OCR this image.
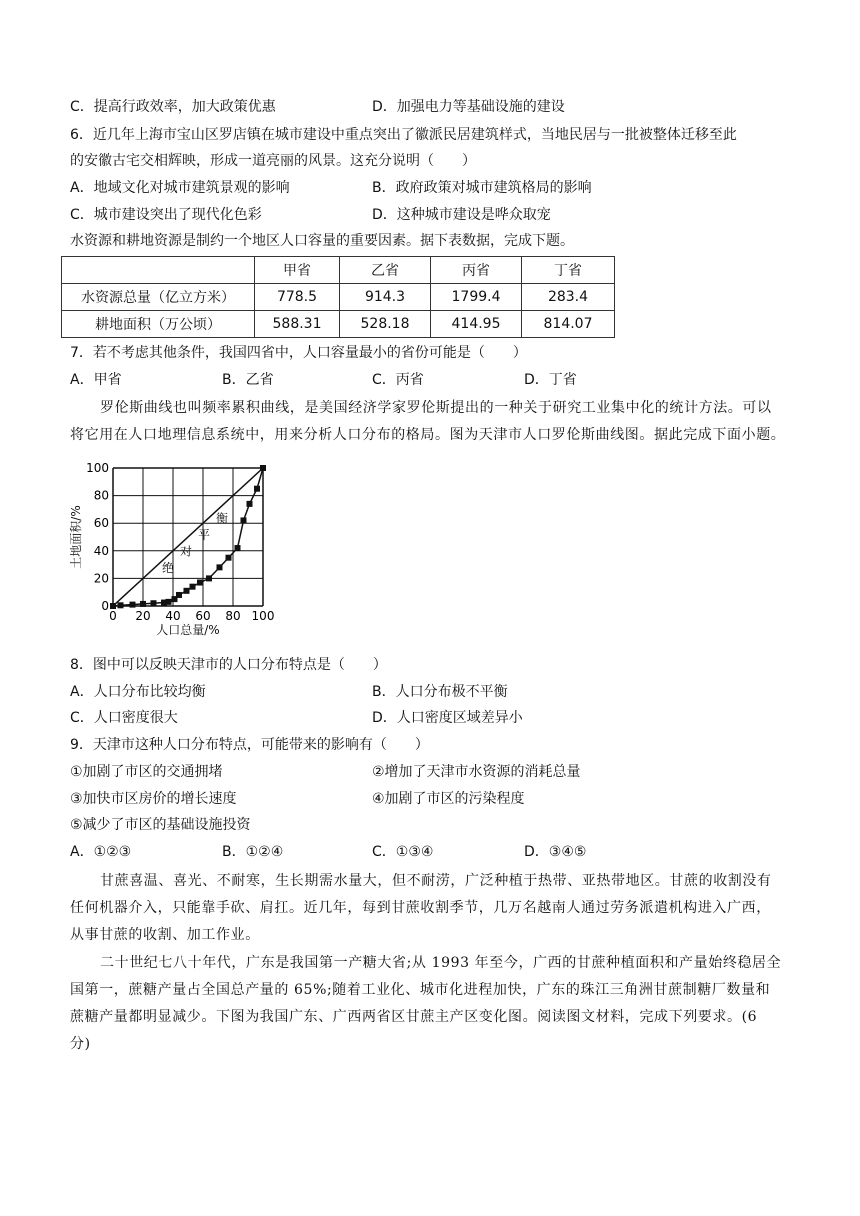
C．提高行政效率，加大政策优惠	D．加强电力等基础设施的建设
6．近几年上海市宝山区罗店镇在城市建设中重点突出了徽派民居建筑样式，当地民居与一批被整体迁移至此
的安徽古宅交相辉映，形成一道亮丽的风景。这充分说明（　　）
A．地域文化对城市建筑景观的影响	B．政府政策对城市建筑格局的影响
C．城市建设突出了现代化色彩	D．这种城市建设是哗众取宠
水资源和耕地资源是制约一个地区人口容量的重要因素。据下表数据，完成下题。
	甲省	乙省	丙省	丁省
水资源总量（亿立方米）	778.5	914.3	1799.4	283.4
耕地面积（万公顷）	588.31	528.18	414.95	814.07
7．若不考虑其他条件，我国四省中，人口容量最小的省份可能是（　　）
A．甲省	B．乙省	C．丙省	D．丁省
罗伦斯曲线也叫频率累积曲线，是美国经济学家罗伦斯提出的一种关于研究工业集中化的统计方法。可以
将它用在人口地理信息系统中，用来分析人口分布的格局。图为天津市人口罗伦斯曲线图。据此完成下面小题。
0 20 40 60 80 100
0
20
40
60
80
100
绝对平衡
土地面积/%
人口总量/%
8．图中可以反映天津市的人口分布特点是（　　）
A．人口分布比较均衡	B．人口分布极不平衡
C．人口密度很大	D．人口密度区域差异小
9．天津市这种人口分布特点，可能带来的影响有（　　）
①加剧了市区的交通拥堵	②增加了天津市水资源的消耗总量
③加快市区房价的增长速度	④加剧了市区的污染程度
⑤减少了市区的基础设施投资
A．①②③	B．①②④	C．①③④	D．③④⑤
甘蔗喜温、喜光、不耐寒，生长期需水量大，但不耐涝，广泛种植于热带、亚热带地区。甘蔗的收割没有
任何机器介入，只能靠手砍、肩扛。近几年，每到甘蔗收割季节，几万名越南人通过劳务派遣机构进入广西，
从事甘蔗的收割、加工作业。
二十世纪七八十年代，广东是我国第一产糖大省;从 1993 年至今，广西的甘蔗种植面积和产量始终稳居全
国第一，蔗糖产量占全国总产量的 65%;随着工业化、城市化进程加快，广东的珠江三角洲甘蔗制糖厂数量和
蔗糖产量都明显减少。下图为我国广东、广西两省区甘蔗主产区变化图。阅读图文材料，完成下列要求。(6
分)
